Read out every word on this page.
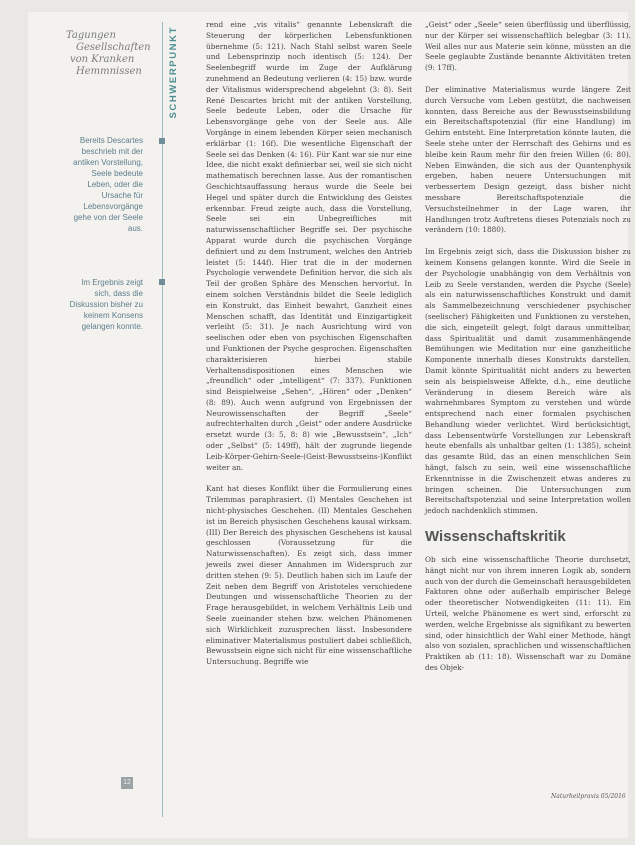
Tagungen
Gesellschaften
von Kranken
Hemmnissen
Bereits Descartes beschrieb mit der antiken Vorstellung, Seele bedeute Leben, oder die Ursache für Lebensvorgänge gehe von der Seele aus.
Im Ergebnis zeigt sich, dass die Diskussion bisher zu keinem Konsens gelangen konnte.
SCHWERPUNKT
12

rend eine „vis vitalis“ genannte Lebenskraft die Steuerung der körperlichen Lebensfunktionen übernehme (5: 121). Nach Stahl selbst waren Seele und Lebensprinzip noch identisch (5: 124). Der Seelenbegriff wurde im Zuge der Aufklärung zunehmend an Bedeutung verlieren (4: 15) bzw. wurde der Vitalismus widersprechend abgelehnt (3: 8). Seit René Descartes bricht mit der antiken Vorstellung, Seele bedeute Leben, oder die Ursache für Lebensvorgänge gehe von der Seele aus. Alle Vorgänge in einem lebenden Körper seien mechanisch erklärbar (1: 16f). Die wesentliche Eigenschaft der Seele sei das Denken (4: 16). Für Kant war sie nur eine Idee, die nicht exakt definierbar sei, weil sie sich nicht mathematisch berechnen lasse. Aus der romantischen Geschichtsauffassung heraus wurde die Seele bei Hegel und später durch die Entwicklung des Geistes erkennbar. Freud zeigte auch, dass die Vorstellung, Seele sei ein Unbegreifliches mit naturwissenschaftlicher Begriffe sei. Der psychische Apparat wurde durch die psychischen Vorgänge definiert und zu dem Instrument, welches den Antrieb leistet (5: 144f). Hier trat die in der modernen Psychologie verwendete Definition hervor, die sich als Teil der großen Sphäre des Menschen hervortut. In einem solchen Verständnis bildet die Seele lediglich ein Konstrukt, das Einheit bewahrt, Ganzheit eines Menschen schafft, das Identität und Einzigartigkeit verleiht (5: 31). Je nach Ausrichtung wird von seelischen oder eben von psychischen Eigenschaften und Funktionen der Psyche gesprochen. Eigenschaften charakterisieren hierbei stabile Verhaltensdispositionen eines Menschen wie „freundlich“ oder „intelligent“ (7: 337). Funktionen sind Beispielweise „Sehen“, „Hören“ oder „Denken“ (8: 89). Auch wenn aufgrund von Ergebnissen der Neurowissenschaften der Begriff „Seele“ aufrechterhalten durch „Geist“ oder andere Ausdrücke ersetzt wurde (3: 5, 8: 8) wie „Bewusstsein“, „Ich“ oder „Selbst“ (5: 149ff), hält der zugrunde liegende Leib-Körper-Gehirn-Seele-(Geist-Bewusstseins-)Konflikt weiter an.

Kant hat dieses Konflikt über die Formulierung eines Trilemmas paraphrasiert. (I) Mentales Geschehen ist nicht-physisches Geschehen. (II) Mentales Geschehen ist im Bereich physischen Geschehens kausal wirksam. (III) Der Bereich des physischen Geschehens ist kausal geschlossen (Voraussetzung für die Naturwissenschaften). Es zeigt sich, dass immer jeweils zwei dieser Annahmen im Widerspruch zur dritten stehen (9: 5). Deutlich haben sich im Laufe der Zeit neben dem Begriff von Aristoteles verschiedene Deutungen und wissenschaftliche Theorien zu der Frage herausgebildet, in welchem Verhältnis Leib und Seele zueinander stehen bzw. welchen Phänomenen sich Wirklichkeit zuzusprechen lässt. Insbesondere eliminativer Materialismus postuliert dabei schließlich, Bewusstsein eigne sich nicht für eine wissenschaftliche Untersuchung. Begriffe wie

„Geist“ oder „Seele“ seien überflüssig und überflüssig, nur der Körper sei wissenschaftlich belegbar (3: 11). Weil alles nur aus Materie sein könne, müssten an die Seele geglaubte Zustände benannte Aktivitäten treten (9: 17ff).

Der eliminative Materialismus wurde längere Zeit durch Versuche vom Leben gestützt, die nachweisen konnten, dass Bereiche aus der Bewusstseinsbildung ein Bereitschaftspotenzial (für eine Handlung) im Gehirn entsteht. Eine Interpretation könnte lauten, die Seele stehe unter der Herrschaft des Gehirns und es bleibe kein Raum mehr für den freien Willen (6: 80). Neben Einwänden, die sich aus der Quantenphysik ergeben, haben neuere Untersuchungen mit verbessertem Design gezeigt, dass bisher nicht messbare Bereitschaftspotenziale die Versuchsteilnehmer in der Lage waren, ihr Handlungen trotz Auftretens dieses Potenzials noch zu verändern (10: 1880).

Im Ergebnis zeigt sich, dass die Diskussion bisher zu keinem Konsens gelangen konnte. Wird die Seele in der Psychologie unabhängig von dem Verhältnis von Leib zu Seele verstanden, werden die Psyche (Seele) als ein naturwissenschaftliches Konstrukt und damit als Sammelbezeichnung verschiedener psychischer (seelischer) Fähigkeiten und Funktionen zu verstehen, die sich, eingeteilt gelegt, folgt daraus unmittelbar, dass Spiritualität und damit zusammenhängende Bemühungen wie Meditation nur eine ganzheitliche Komponente innerhalb dieses Konstrukts darstellen. Damit könnte Spiritualität nicht anders zu bewerten sein als beispielsweise Affekte, d.h., eine deutliche Veränderung in diesem Bereich wäre als wahrnehmbares Symptom zu verstehen und würde entsprechend nach einer formalen psychischen Behandlung wieder verlichtet. Wird berücksichtigt, dass Lebensentwürfe Vorstellungen zur Lebenskraft heute ebenfalls als unhaltbar gelten (1: 1385), scheint das gesamte Bild, das an einen menschlichen Sein hängt, falsch zu sein, weil eine wissenschaftliche Erkenntnisse in die Zwischenzeit etwas anderes zu bringen scheinen. Die Untersuchungen zum Bereitschaftspotenzial und seine Interpretation wollen jedoch nachdenklich stimmen.

Wissenschaftskritik

Ob sich eine wissenschaftliche Theorie durchsetzt, hängt nicht nur von ihrem inneren Logik ab, sondern auch von der durch die Gemeinschaft herausgebildeten Faktoren ohne oder außerhalb empirischer Belege oder theoretischer Notwendigkeiten (11: 11). Ein Urteil, welche Phänomene es wert sind, erforscht zu werden, welche Ergebnisse als signifikant zu bewerten sind, oder hinsichtlich der Wahl einer Methode, hängt also von sozialen, sprachlichen und wissenschaftlichen Praktiken ab (11: 18). Wissenschaft war zu Domäne des Objek-

Naturheilpraxis 05/2016
